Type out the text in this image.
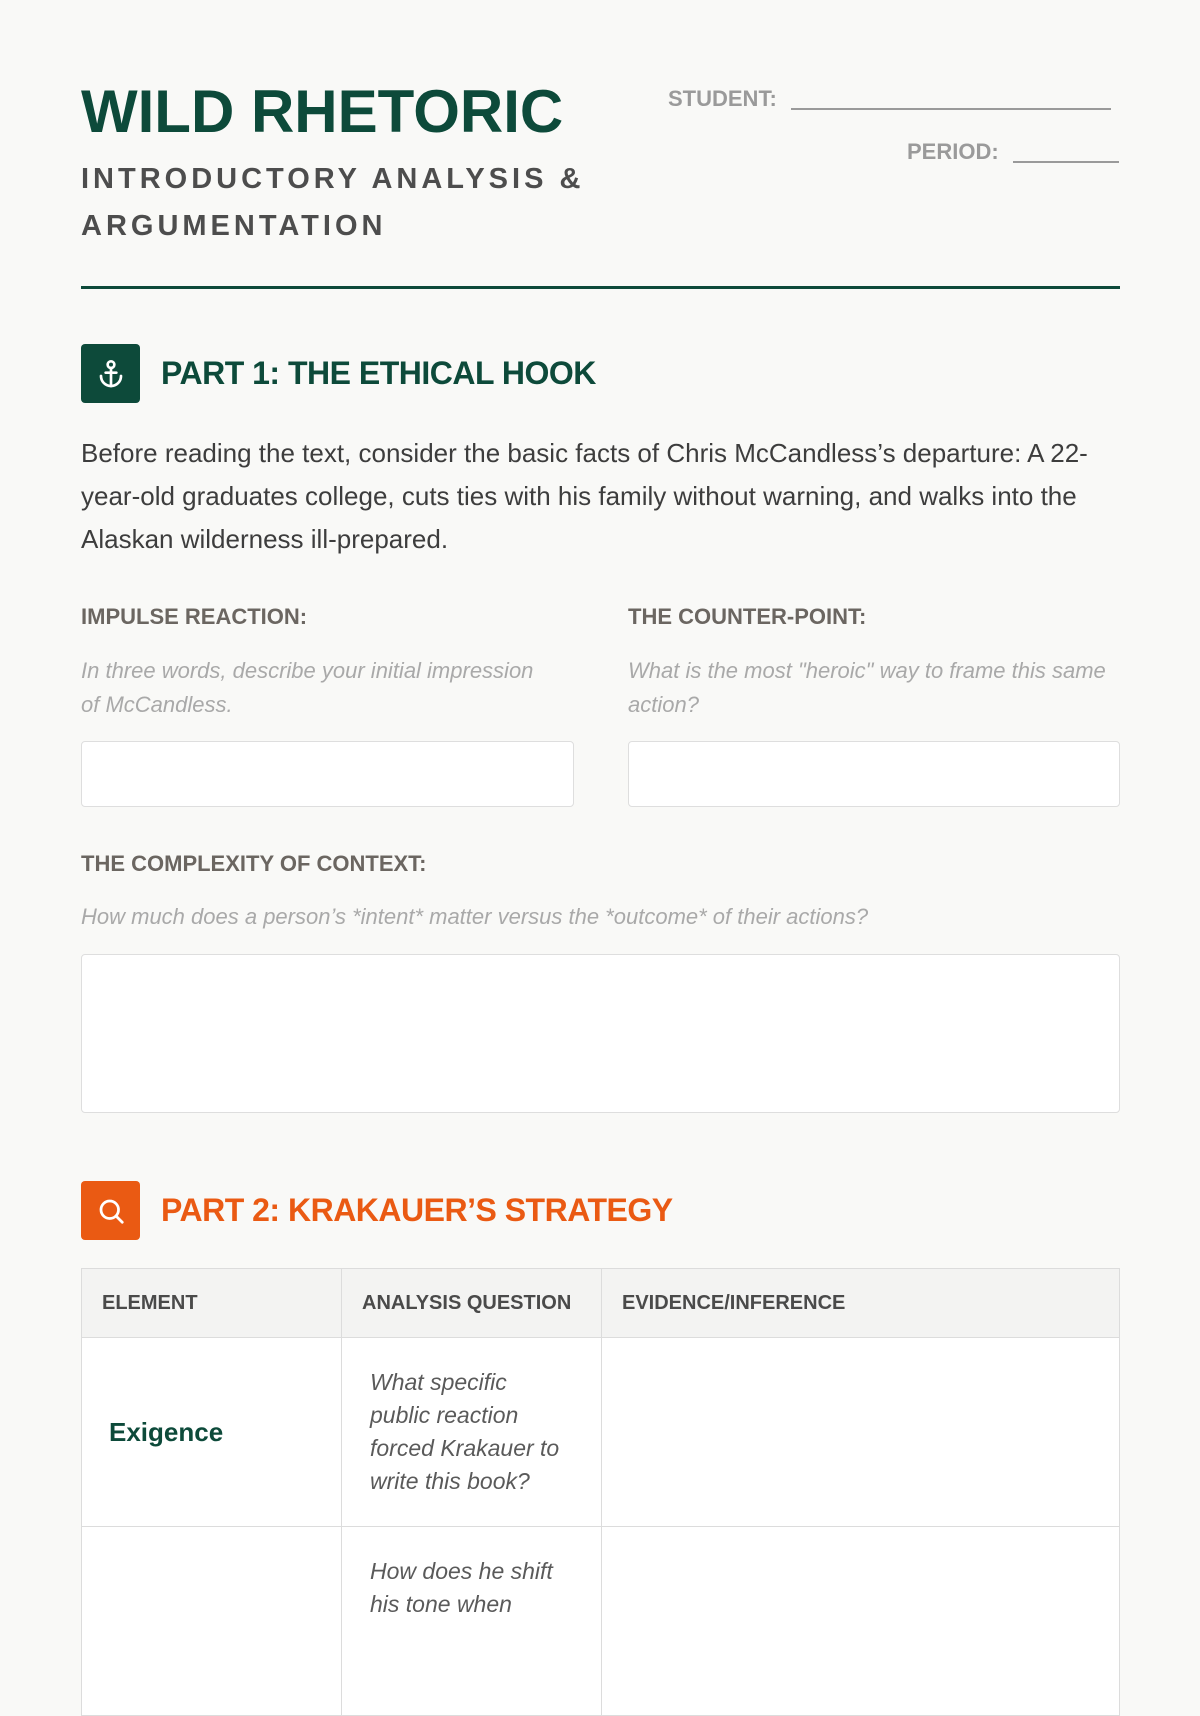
WILD RHETORIC
INTRODUCTORY ANALYSIS & ARGUMENTATION
STUDENT:
PERIOD:
PART 1: THE ETHICAL HOOK

Before reading the text, consider the basic facts of Chris McCandless’s departure: A 22-year-old graduates college, cuts ties with his family without warning, and walks into the Alaskan wilderness ill-prepared.

IMPULSE REACTION:
In three words, describe your initial impression of McCandless.
THE COUNTER-POINT:
What is the most "heroic" way to frame this same action?
THE COMPLEXITY OF CONTEXT:
How much does a person’s *intent* matter versus the *outcome* of their actions?
PART 2: KRAKAUER’S STRATEGY
ELEMENT	ANALYSIS QUESTION	EVIDENCE/INFERENCE
Exigence	What specific public reaction forced Krakauer to write this book?	
	How does he shift his tone when	
